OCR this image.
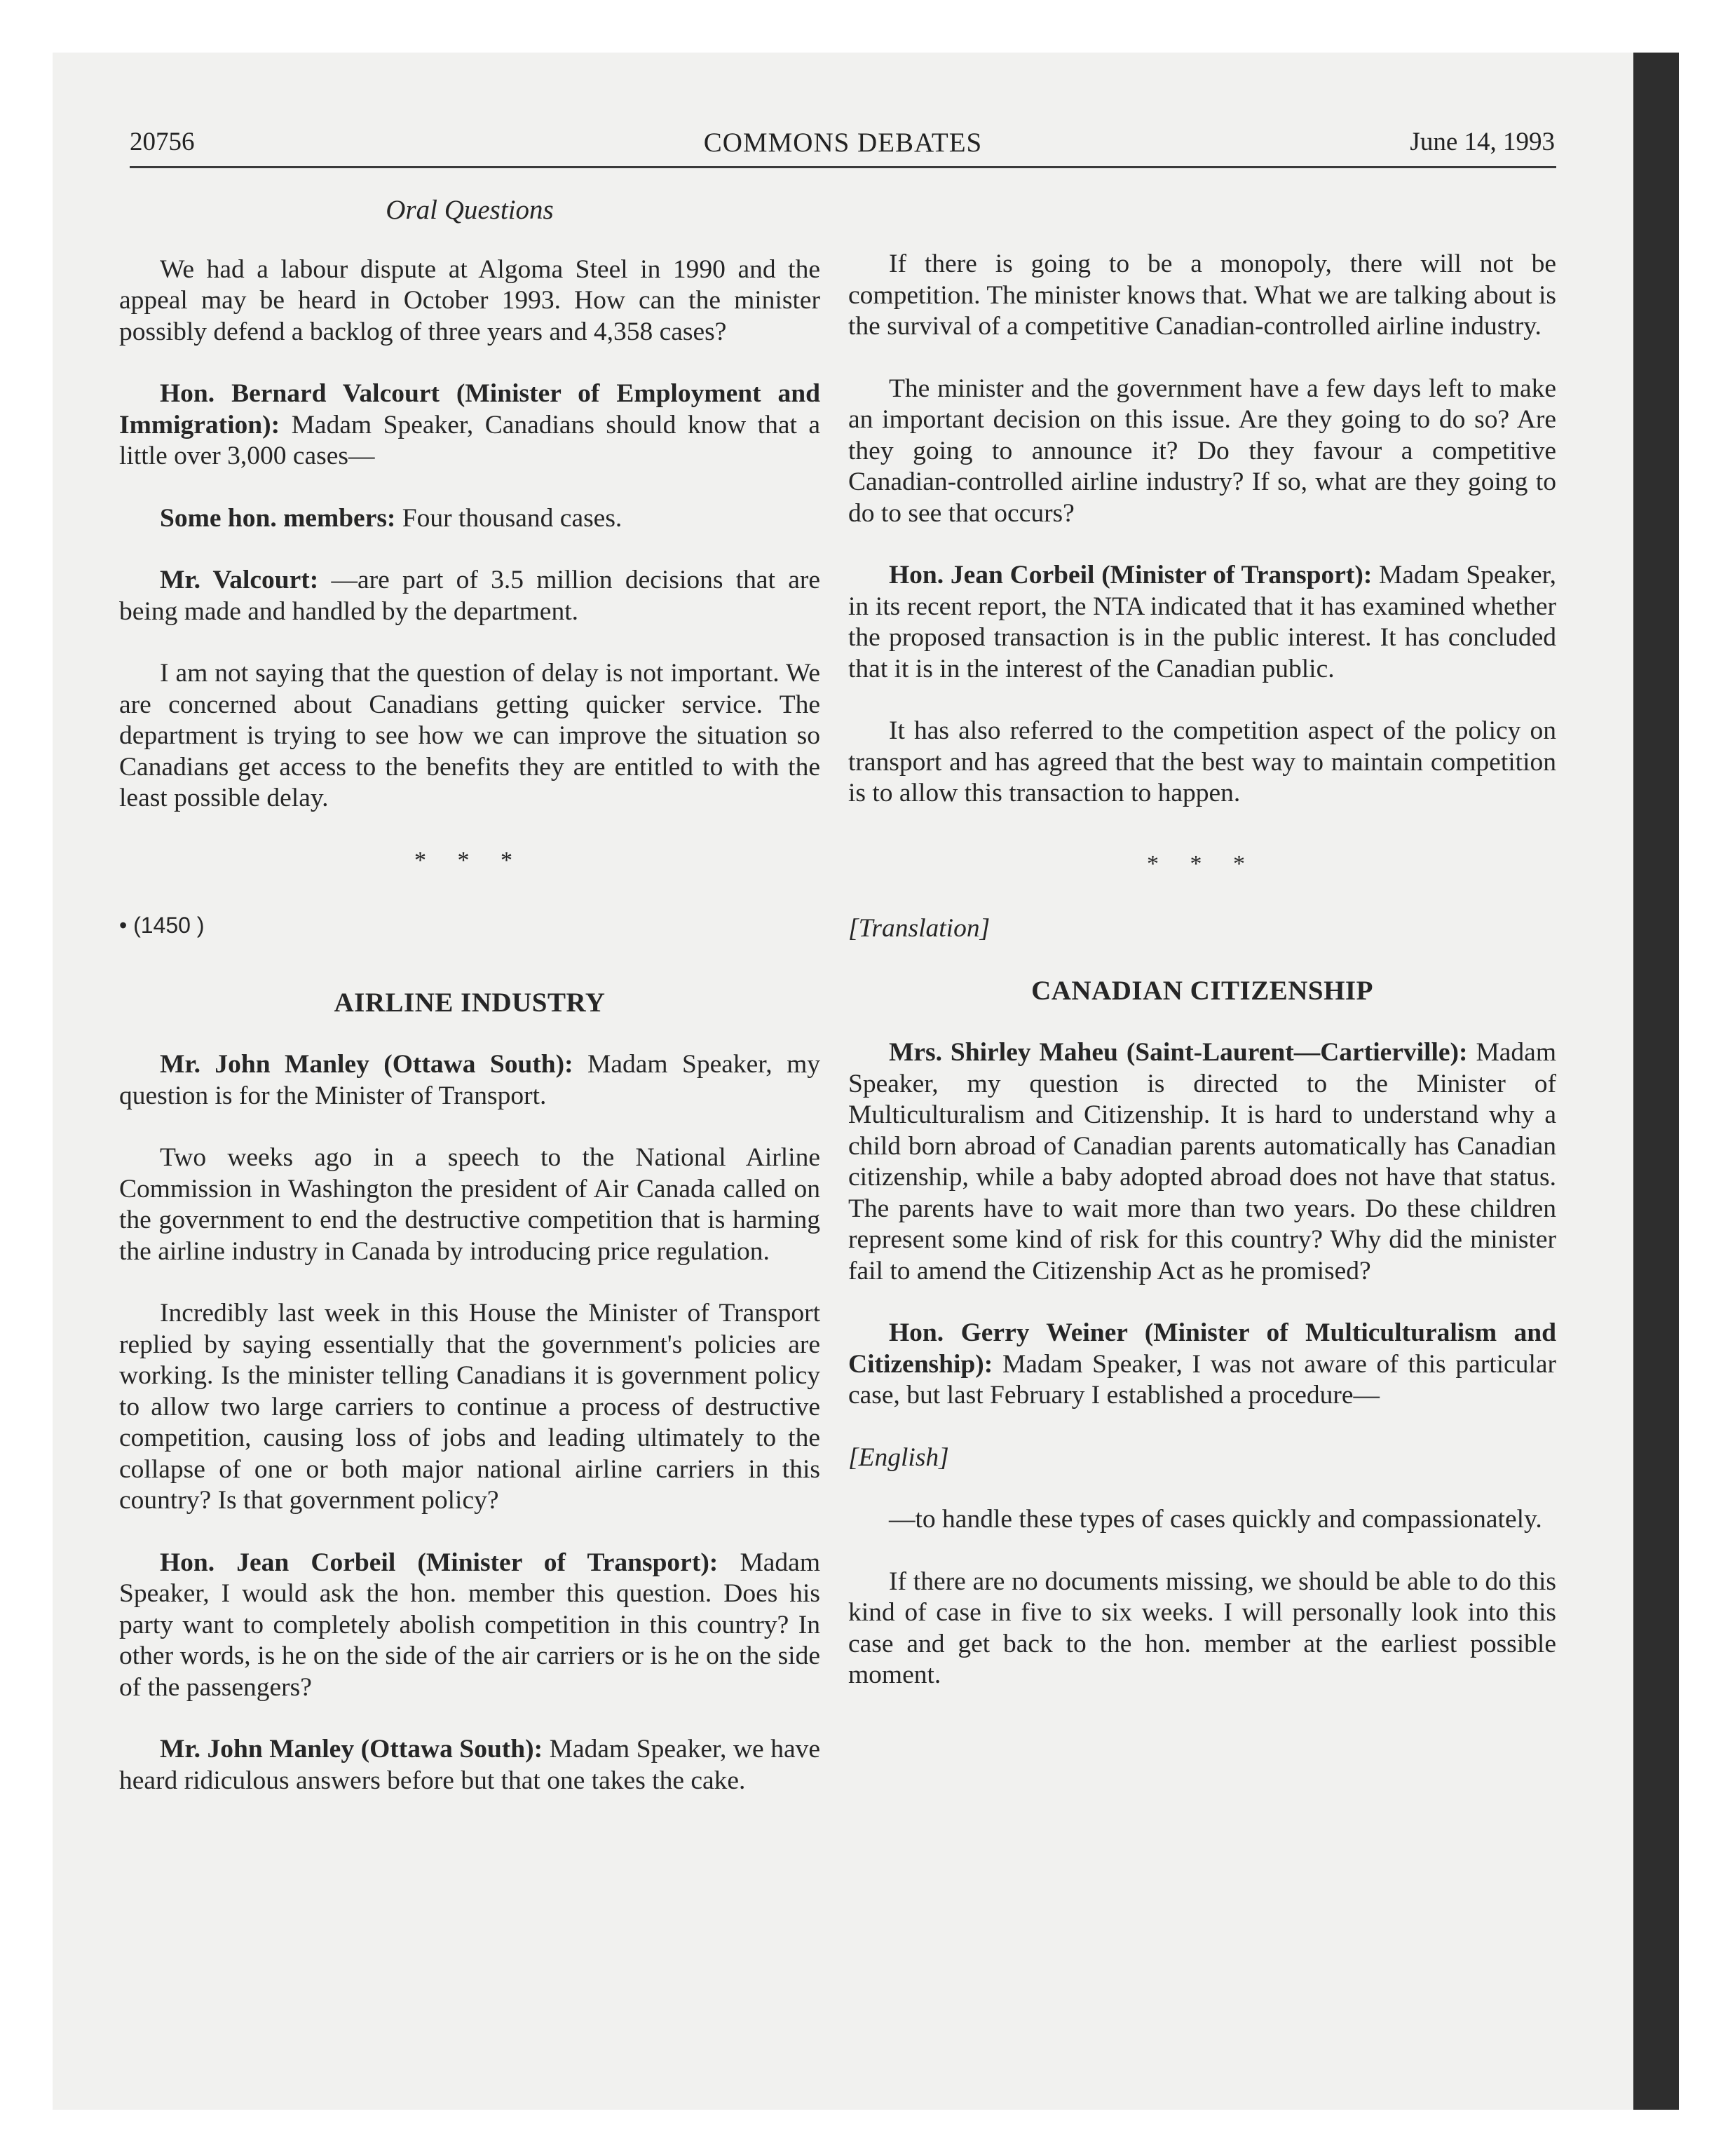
20756	COMMONS DEBATES	June 14, 1993
Oral Questions

We had a labour dispute at Algoma Steel in 1990 and the appeal may be heard in October 1993. How can the minister possibly defend a backlog of three years and 4,358 cases?

Hon. Bernard Valcourt (Minister of Employment and Immigration): Madam Speaker, Canadians should know that a little over 3,000 cases—

Some hon. members: Four thousand cases.

Mr. Valcourt: —are part of 3.5 million decisions that are being made and handled by the department.

I am not saying that the question of delay is not important. We are concerned about Canadians getting quicker service. The department is trying to see how we can improve the situation so Canadians get access to the benefits they are entitled to with the least possible delay.

* * *
• (1450 )
AIRLINE INDUSTRY

Mr. John Manley (Ottawa South): Madam Speaker, my question is for the Minister of Transport.

Two weeks ago in a speech to the National Airline Commission in Washington the president of Air Canada called on the government to end the destructive competition that is harming the airline industry in Canada by introducing price regulation.

Incredibly last week in this House the Minister of Transport replied by saying essentially that the government's policies are working. Is the minister telling Canadians it is government policy to allow two large carriers to continue a process of destructive competition, causing loss of jobs and leading ultimately to the collapse of one or both major national airline carriers in this country? Is that government policy?

Hon. Jean Corbeil (Minister of Transport): Madam Speaker, I would ask the hon. member this question. Does his party want to completely abolish competition in this country? In other words, is he on the side of the air carriers or is he on the side of the passengers?

Mr. John Manley (Ottawa South): Madam Speaker, we have heard ridiculous answers before but that one takes the cake.

If there is going to be a monopoly, there will not be competition. The minister knows that. What we are talking about is the survival of a competitive Canadian-controlled airline industry.

The minister and the government have a few days left to make an important decision on this issue. Are they going to do so? Are they going to announce it? Do they favour a competitive Canadian-controlled airline industry? If so, what are they going to do to see that occurs?

Hon. Jean Corbeil (Minister of Transport): Madam Speaker, in its recent report, the NTA indicated that it has examined whether the proposed transaction is in the public interest. It has concluded that it is in the interest of the Canadian public.

It has also referred to the competition aspect of the policy on transport and has agreed that the best way to maintain competition is to allow this transaction to happen.

* * *
[Translation]
CANADIAN CITIZENSHIP

Mrs. Shirley Maheu (Saint-Laurent—Cartierville): Madam Speaker, my question is directed to the Minister of Multiculturalism and Citizenship. It is hard to understand why a child born abroad of Canadian parents automatically has Canadian citizenship, while a baby adopted abroad does not have that status. The parents have to wait more than two years. Do these children represent some kind of risk for this country? Why did the minister fail to amend the Citizenship Act as he promised?

Hon. Gerry Weiner (Minister of Multiculturalism and Citizenship): Madam Speaker, I was not aware of this particular case, but last February I established a procedure—

[English]

—to handle these types of cases quickly and compassionately.

If there are no documents missing, we should be able to do this kind of case in five to six weeks. I will personally look into this case and get back to the hon. member at the earliest possible moment.
